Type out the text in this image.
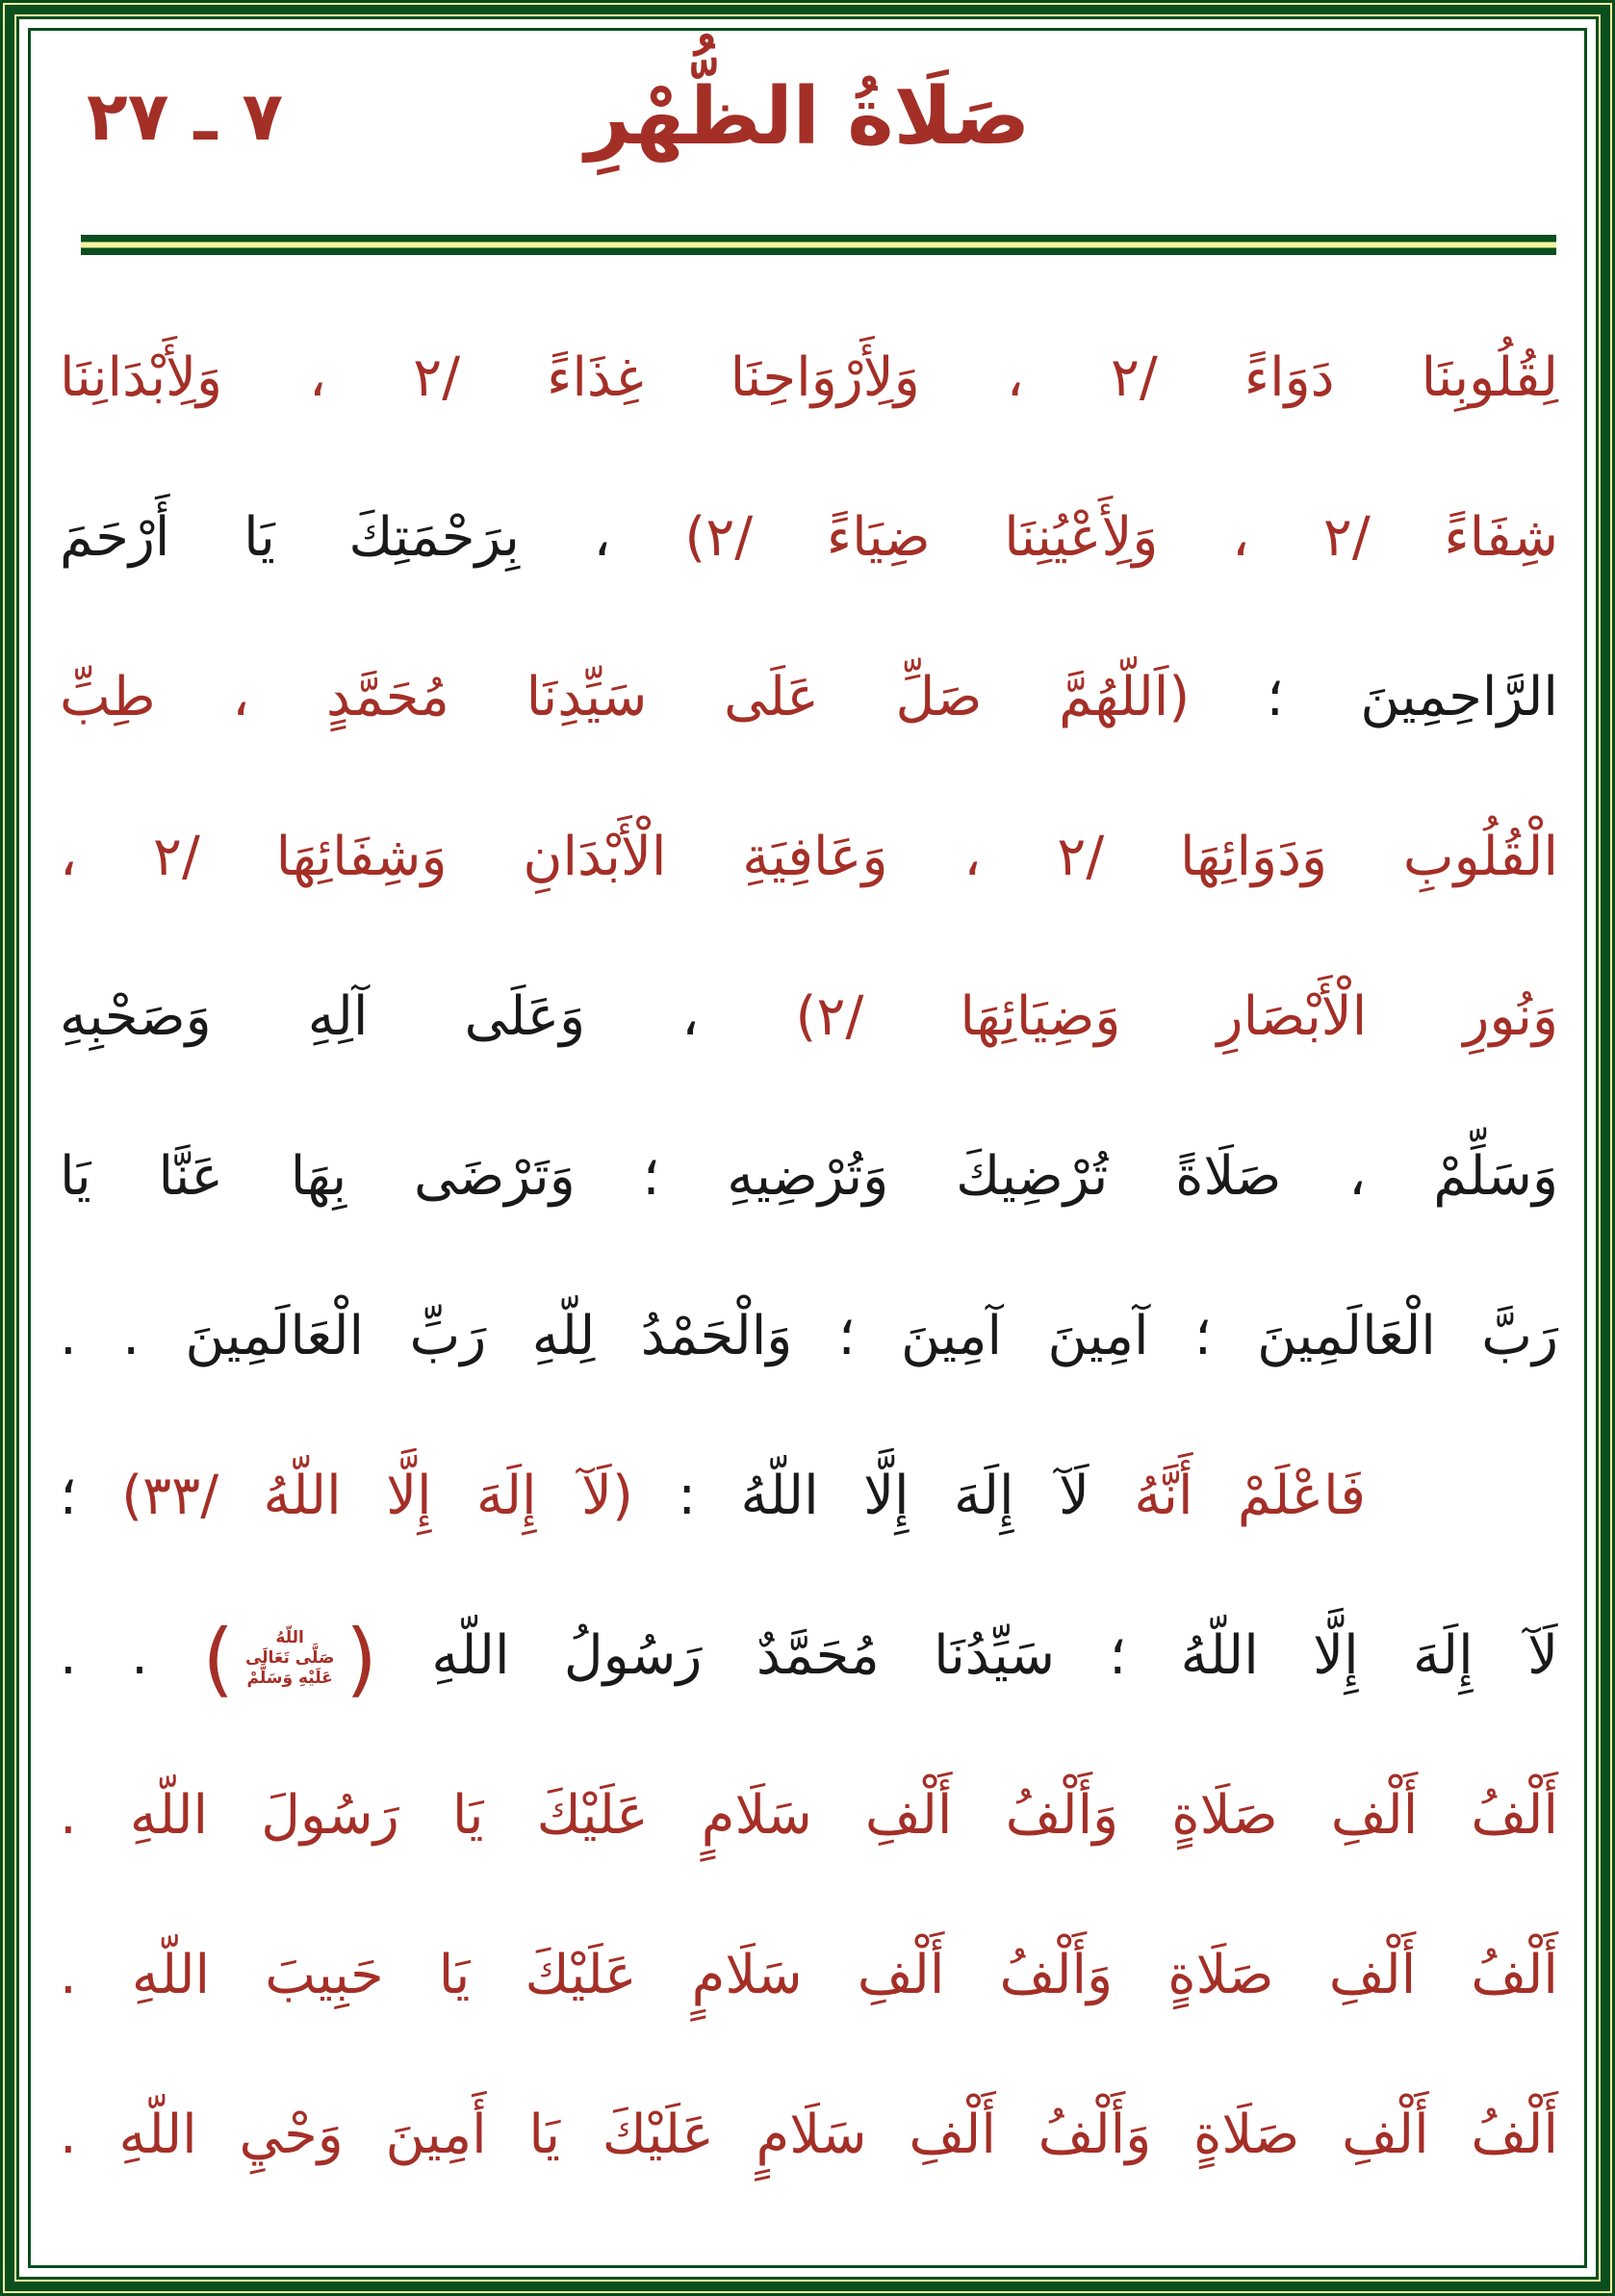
٢٧ ـ ٧	صَلَاةُ الظُّهْرِ
لِقُلُوبِنَا دَوَاءً /٢ ، وَلِأَرْوَاحِنَا غِذَاءً /٢ ، وَلِأَبْدَانِنَا
شِفَاءً /٢ ، وَلِأَعْيُنِنَا ضِيَاءً /٢) ، بِرَحْمَتِكَ يَا أَرْحَمَ
الرَّاحِمِينَ ؛ (اَللّهُمَّ صَلِّ عَلَى سَيِّدِنَا مُحَمَّدٍ ، طِبِّ
الْقُلُوبِ وَدَوَائِهَا /٢ ، وَعَافِيَةِ الْأَبْدَانِ وَشِفَائِهَا /٢ ،
وَنُورِ الْأَبْصَارِ وَضِيَائِهَا /٢) ، وَعَلَى آلِهِ وَصَحْبِهِ
وَسَلِّمْ ، صَلَاةً تُرْضِيكَ وَتُرْضِيهِ ؛ وَتَرْضَى بِهَا عَنَّا يَا
رَبَّ الْعَالَمِينَ ؛ آمِينَ آمِينَ ؛ وَالْحَمْدُ لِلّهِ رَبِّ الْعَالَمِينَ . .
فَاعْلَمْ أَنَّهُ لَآ إِلَهَ إِلَّا اللّهُ : (لَآ إِلَهَ إِلَّا اللّهُ /٣٣) ؛
لَآ إِلَهَ إِلَّا اللّهُ ؛ سَيِّدُنَا مُحَمَّدٌ رَسُولُ اللّهِ (
اللّهُ
صَلَّى تَعَالَى
عَلَيْهِ وَسَلَّمْ
) . .
أَلْفُ أَلْفِ صَلَاةٍ وَأَلْفُ أَلْفِ سَلَامٍ عَلَيْكَ يَا رَسُولَ اللّهِ .
أَلْفُ أَلْفِ صَلَاةٍ وَأَلْفُ أَلْفِ سَلَامٍ عَلَيْكَ يَا حَبِيبَ اللّهِ .
أَلْفُ أَلْفِ صَلَاةٍ وَأَلْفُ أَلْفِ سَلَامٍ عَلَيْكَ يَا أَمِينَ وَحْيِ اللّهِ .
